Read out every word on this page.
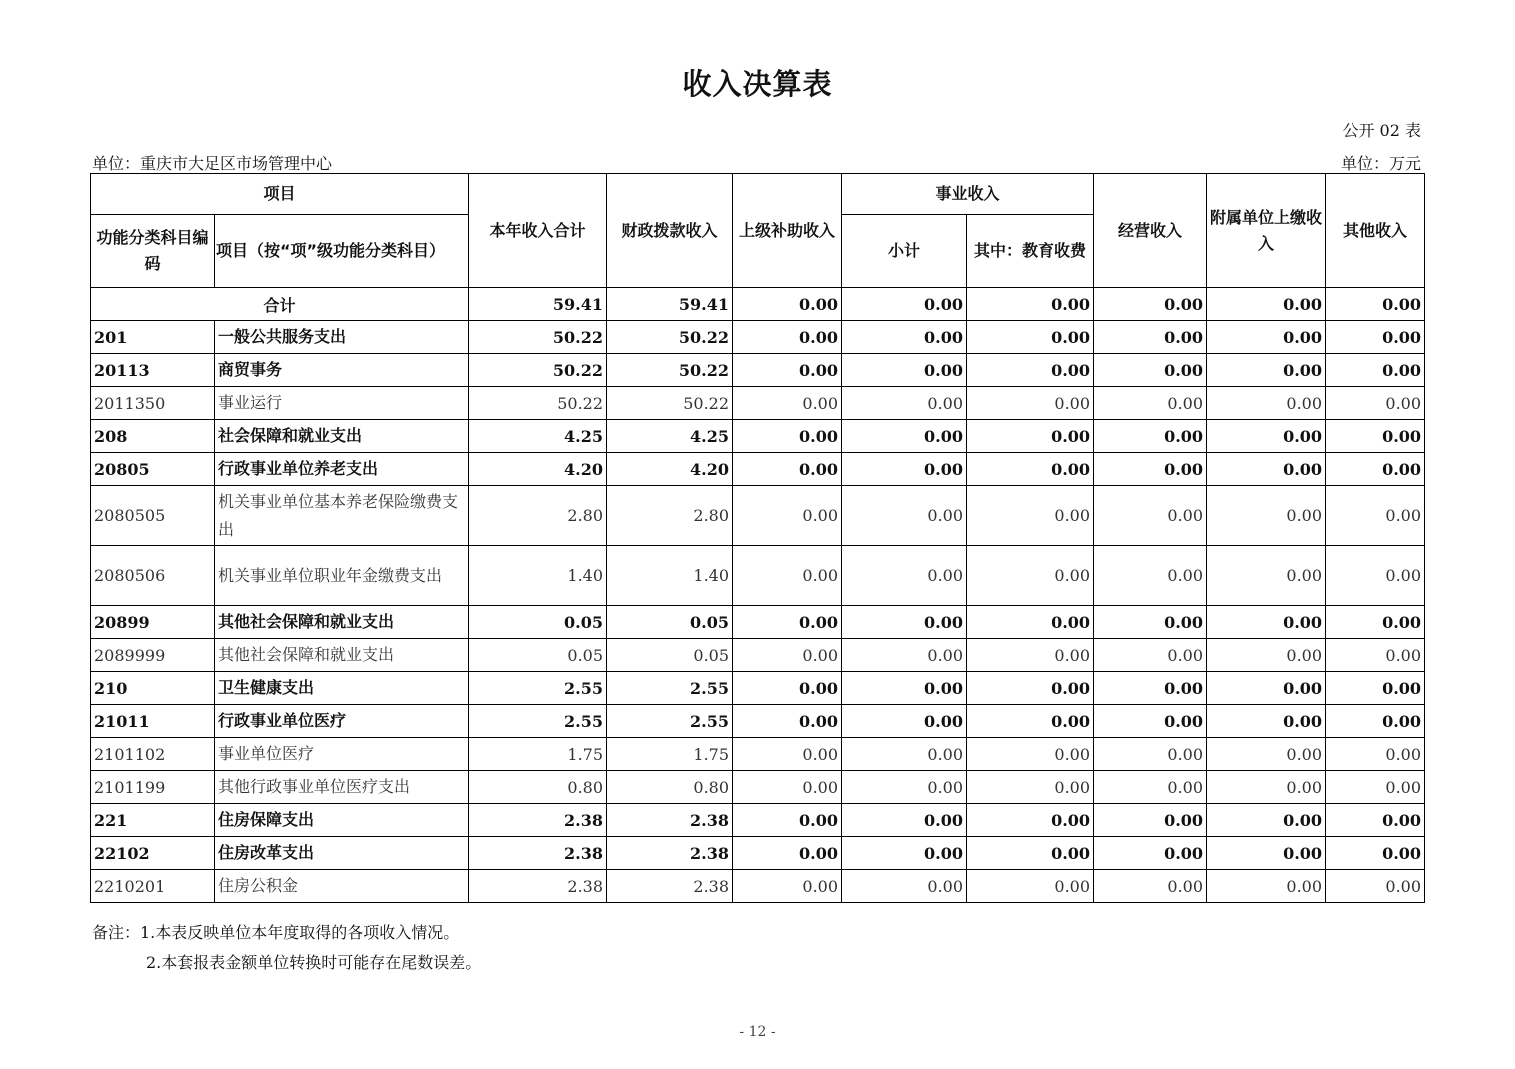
收入决算表
公开 02 表
单位：重庆市大足区市场管理中心	单位：万元
项目		本年收入合计	财政拨款收入	上级补助收入	事业收入		经营收入	附属单位上缴收入	其他收入
功能分类科目编码	项目（按“项”级功能分类科目）				小计	其中：教育收费			
合计		59.41	59.41	0.00	0.00	0.00	0.00	0.00	0.00
201	一般公共服务支出	50.22	50.22	0.00	0.00	0.00	0.00	0.00	0.00
20113	商贸事务	50.22	50.22	0.00	0.00	0.00	0.00	0.00	0.00
2011350	事业运行	50.22	50.22	0.00	0.00	0.00	0.00	0.00	0.00
208	社会保障和就业支出	4.25	4.25	0.00	0.00	0.00	0.00	0.00	0.00
20805	行政事业单位养老支出	4.20	4.20	0.00	0.00	0.00	0.00	0.00	0.00
2080505	机关事业单位基本养老保险缴费支出	2.80	2.80	0.00	0.00	0.00	0.00	0.00	0.00
2080506	机关事业单位职业年金缴费支出	1.40	1.40	0.00	0.00	0.00	0.00	0.00	0.00
20899	其他社会保障和就业支出	0.05	0.05	0.00	0.00	0.00	0.00	0.00	0.00
2089999	其他社会保障和就业支出	0.05	0.05	0.00	0.00	0.00	0.00	0.00	0.00
210	卫生健康支出	2.55	2.55	0.00	0.00	0.00	0.00	0.00	0.00
21011	行政事业单位医疗	2.55	2.55	0.00	0.00	0.00	0.00	0.00	0.00
2101102	事业单位医疗	1.75	1.75	0.00	0.00	0.00	0.00	0.00	0.00
2101199	其他行政事业单位医疗支出	0.80	0.80	0.00	0.00	0.00	0.00	0.00	0.00
221	住房保障支出	2.38	2.38	0.00	0.00	0.00	0.00	0.00	0.00
22102	住房改革支出	2.38	2.38	0.00	0.00	0.00	0.00	0.00	0.00
2210201	住房公积金	2.38	2.38	0.00	0.00	0.00	0.00	0.00	0.00
备注：1.本表反映单位本年度取得的各项收入情况。
2.本套报表金额单位转换时可能存在尾数误差。
- 12 -
